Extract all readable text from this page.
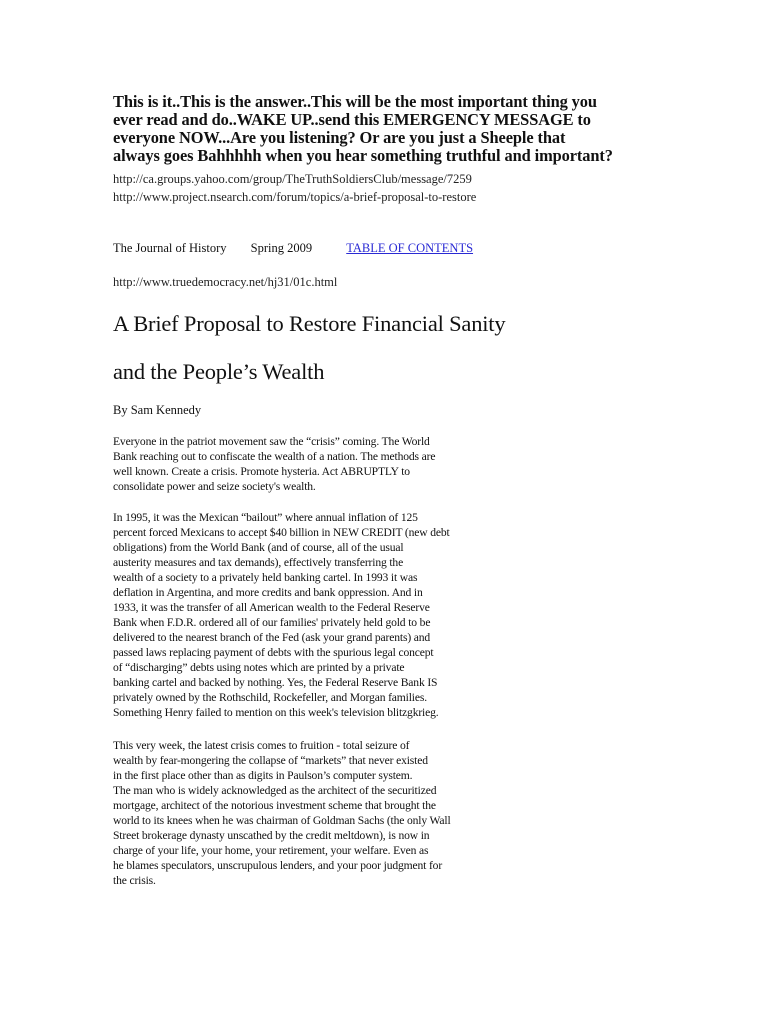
This is it..This is the answer..This will be the most important thing you
ever read and do..WAKE UP..send this EMERGENCY MESSAGE to
everyone NOW...Are you listening? Or are you just a Sheeple that
always goes Bahhhhh when you hear something truthful and important?
http://ca.groups.yahoo.com/group/TheTruthSoldiersClub/message/7259
http://www.project.nsearch.com/forum/topics/a-brief-proposal-to-restore
The Journal of History Spring 2009	TABLE OF CONTENTS
http://www.truedemocracy.net/hj31/01c.html
A Brief Proposal to Restore Financial Sanity
and the People’s Wealth
By Sam Kennedy
Everyone in the patriot movement saw the “crisis” coming. The World
Bank reaching out to confiscate the wealth of a nation. The methods are
well known. Create a crisis. Promote hysteria. Act ABRUPTLY to
consolidate power and seize society's wealth.
In 1995, it was the Mexican “bailout” where annual inflation of 125
percent forced Mexicans to accept $40 billion in NEW CREDIT (new debt
obligations) from the World Bank (and of course, all of the usual
austerity measures and tax demands), effectively transferring the
wealth of a society to a privately held banking cartel. In 1993 it was
deflation in Argentina, and more credits and bank oppression. And in
1933, it was the transfer of all American wealth to the Federal Reserve
Bank when F.D.R. ordered all of our families' privately held gold to be
delivered to the nearest branch of the Fed (ask your grand parents) and
passed laws replacing payment of debts with the spurious legal concept
of “discharging” debts using notes which are printed by a private
banking cartel and backed by nothing. Yes, the Federal Reserve Bank IS
privately owned by the Rothschild, Rockefeller, and Morgan families.
Something Henry failed to mention on this week's television blitzgkrieg.
This very week, the latest crisis comes to fruition - total seizure of
wealth by fear-mongering the collapse of “markets” that never existed
in the first place other than as digits in Paulson’s computer system.
The man who is widely acknowledged as the architect of the securitized
mortgage, architect of the notorious investment scheme that brought the
world to its knees when he was chairman of Goldman Sachs (the only Wall
Street brokerage dynasty unscathed by the credit meltdown), is now in
charge of your life, your home, your retirement, your welfare. Even as
he blames speculators, unscrupulous lenders, and your poor judgment for
the crisis.
